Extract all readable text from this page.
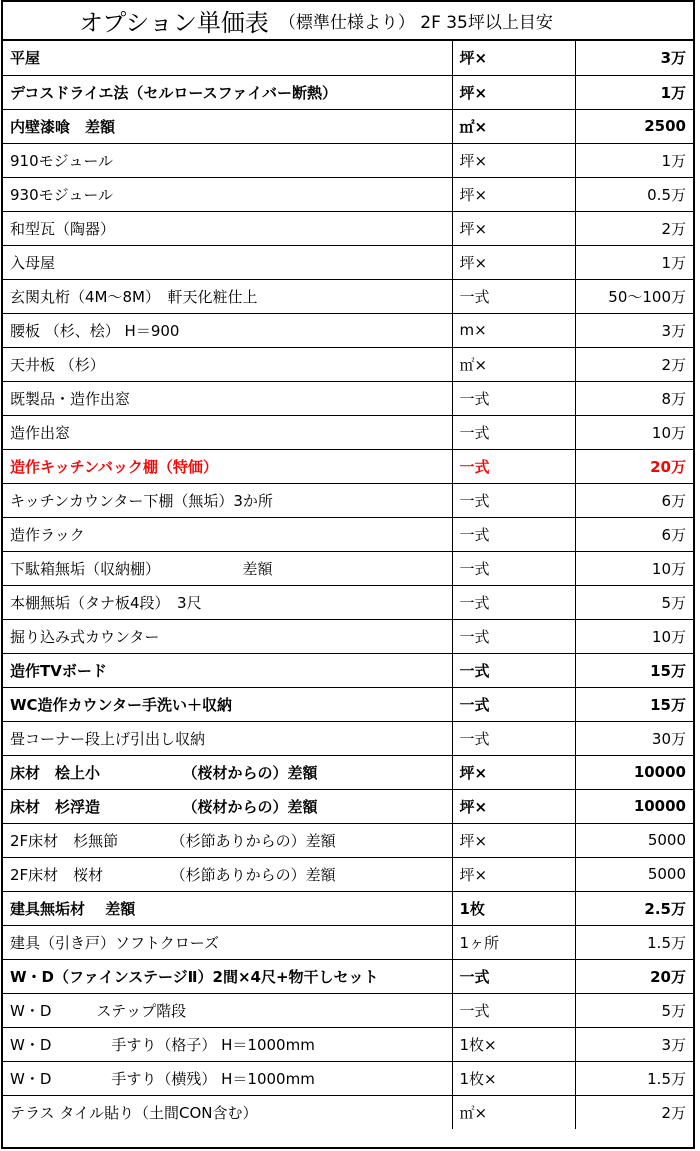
オプション単価表 （標準仕様より） 2F 35坪以上目安
平屋	坪×	3万
デコスドライエ法（セルロースファイバー断熱）	坪×	1万
内壁漆喰　差額	㎡×	2500
910モジュール	坪×	1万
930モジュール	坪×	0.5万
和型瓦（陶器）	坪×	2万
入母屋	坪×	1万
玄関丸桁（4M～8M）　軒天化粧仕上	一式	50～100万
腰板 （杉、桧） H＝900	m×	3万
天井板 （杉）	㎡×	2万
既製品・造作出窓	一式	8万
造作出窓	一式	10万
造作キッチンバック棚（特価）	一式	20万
キッチンカウンター下棚（無垢）3か所	一式	6万
造作ラック	一式	6万
下駄箱無垢（収納棚）　　　　　　差額	一式	10万
本棚無垢（タナ板4段）　3尺	一式	5万
掘り込み式カウンター	一式	10万
造作TVボード	一式	15万
WC造作カウンター手洗い＋収納	一式	15万
畳コーナー段上げ引出し収納	一式	30万
床材　桧上小　　　　　　（桜材からの）差額	坪×	10000
床材　杉浮造　　　　　　（桜材からの）差額	坪×	10000
2F床材　杉無節　　　　（杉節ありからの）差額	坪×	5000
2F床材　桜材　　　　　（杉節ありからの）差額	坪×	5000
建具無垢材　 差額	1枚	2.5万
建具（引き戸）ソフトクローズ	1ヶ所	1.5万
W・D（ファインステージⅡ）2間×4尺+物干しセット	一式	20万
W・D　　　ステップ階段	一式	5万
W・D　　　　手すり（格子） H＝1000mm	1枚×	3万
W・D　　　　手すり（横残） H＝1000mm	1枚×	1.5万
テラス タイル貼り（土間CON含む）	㎡×	2万
